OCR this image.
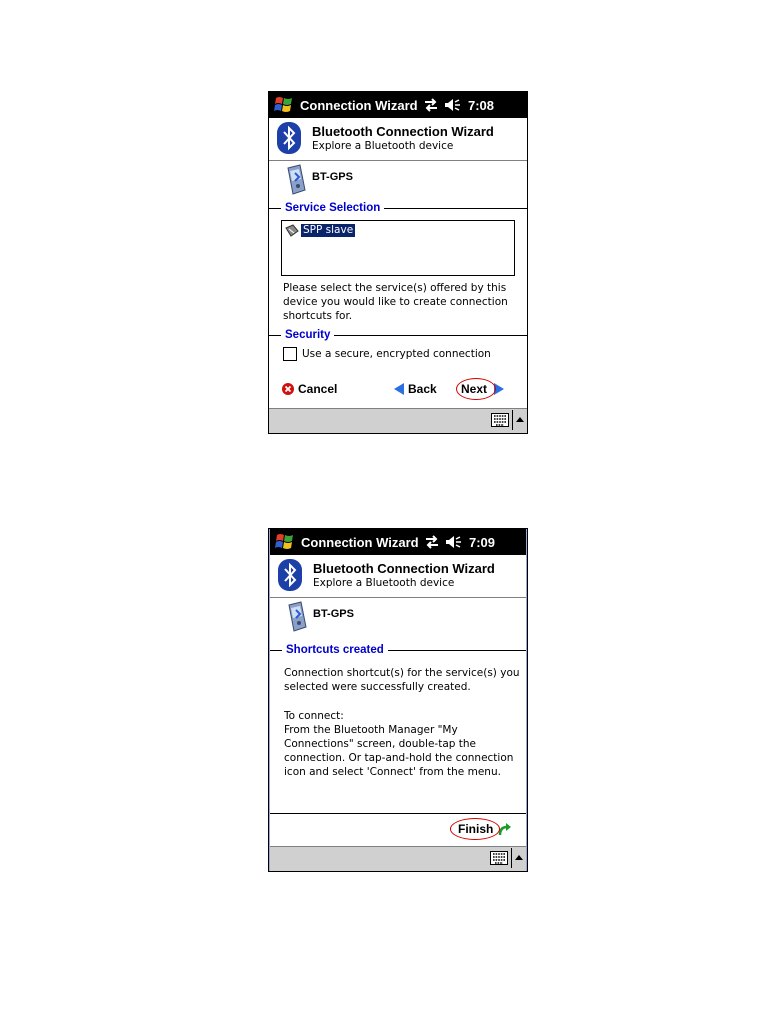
Connection Wizard	7:08
Bluetooth Connection Wizard
Explore a Bluetooth device
BT-GPS
Service Selection
SPP slave
Please select the service(s) offered by this
device you would like to create connection
shortcuts for.
Security
Use a secure, encrypted connection
Cancel	Back Next
Connection Wizard	7:09
Bluetooth Connection Wizard
Explore a Bluetooth device
BT-GPS
Shortcuts created
Connection shortcut(s) for the service(s) you
selected were successfully created.
To connect:
From the Bluetooth Manager "My
Connections" screen, double-tap the
connection. Or tap-and-hold the connection
icon and select 'Connect' from the menu.
Finish
